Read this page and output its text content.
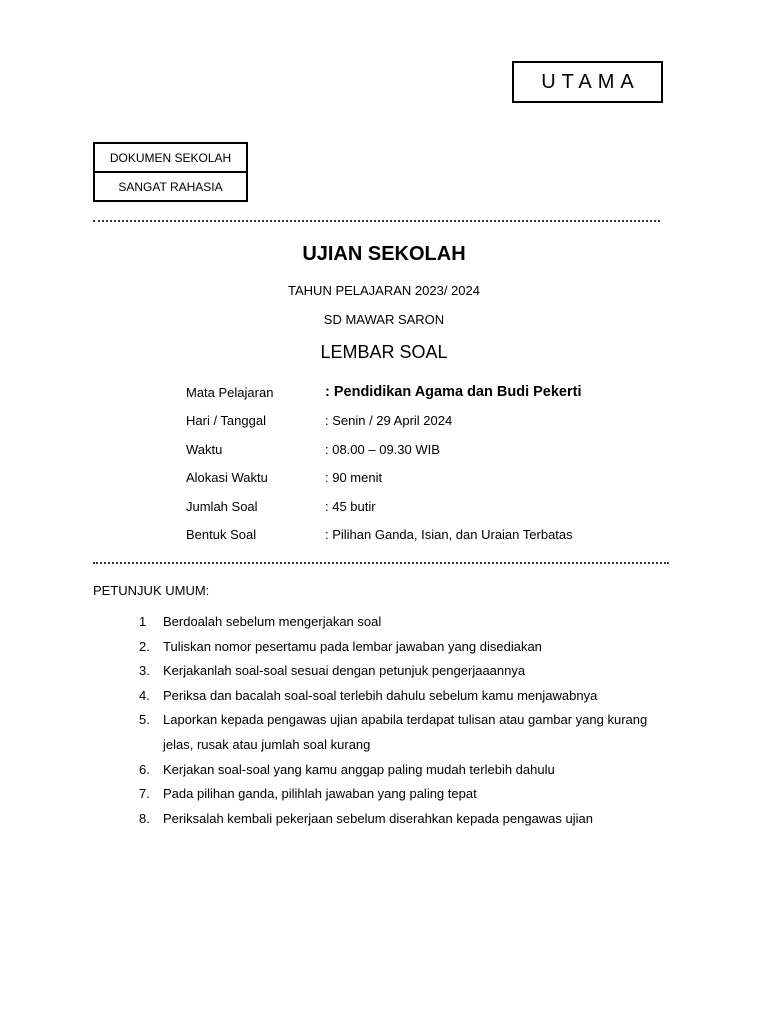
UTAMA
DOKUMEN SEKOLAH
SANGAT RAHASIA
UJIAN SEKOLAH
TAHUN PELAJARAN 2023/ 2024
SD MAWAR SARON
LEMBAR SOAL
Mata Pelajaran	: Pendidikan Agama dan Budi Pekerti
Hari / Tanggal	: Senin / 29 April 2024
Waktu	: 08.00 – 09.30 WIB
Alokasi Waktu	: 90 menit
Jumlah Soal	: 45 butir
Bentuk Soal	: Pilihan Ganda, Isian, dan Uraian Terbatas
PETUNJUK UMUM:
1	Berdoalah sebelum mengerjakan soal
2.	Tuliskan nomor pesertamu pada lembar jawaban yang disediakan
3.	Kerjakanlah soal-soal sesuai dengan petunjuk pengerjaaannya
4.	Periksa dan bacalah soal-soal terlebih dahulu sebelum kamu menjawabnya
5.	Laporkan kepada pengawas ujian apabila terdapat tulisan atau gambar yang kurang jelas, rusak atau jumlah soal kurang
6.	Kerjakan soal-soal yang kamu anggap paling mudah terlebih dahulu
7.	Pada pilihan ganda, pilihlah jawaban yang paling tepat
8.	Periksalah kembali pekerjaan sebelum diserahkan kepada pengawas ujian
